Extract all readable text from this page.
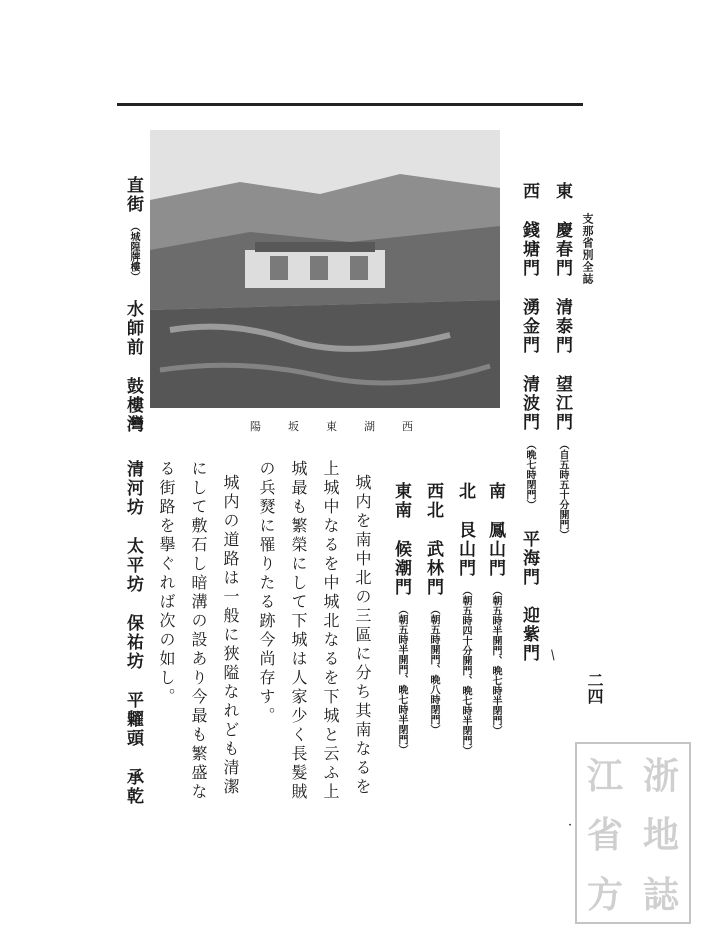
支那省別全誌
二四
東 慶春門 清泰門 望江門 （自五時五十分開門）
西 錢塘門 湧金門 清波門 （晩七時閉門） 平海門　迎紫門
南 鳳山門 （朝五時半開門、晩七時半閉門）
北 艮山門 （朝五時四十分開門、晩七時半閉門）
西北 武林門 （朝五時開門、晩八時閉門）
東南 候潮門 （朝五時半開門、晩七時半閉門）
城内を南中北の三區に分ち其南なるを
上城中なるを中城北なるを下城と云ふ上
城最も繁榮にして下城は人家少く長髮賊
の兵燹に罹りたる跡今尚存す。
城内の道路は一般に狹隘なれども清潔
にして敷石し暗溝の設あり今最も繁盛な
る街路を擧ぐれば次の如し。
清河坊 太平坊 保祐坊 平糶頭 承乾
水師前 鼓樓灣
直街 （城隍牌樓）
西
湖
東
坂
陽
江 浙
省 地
方 誌
/
·
